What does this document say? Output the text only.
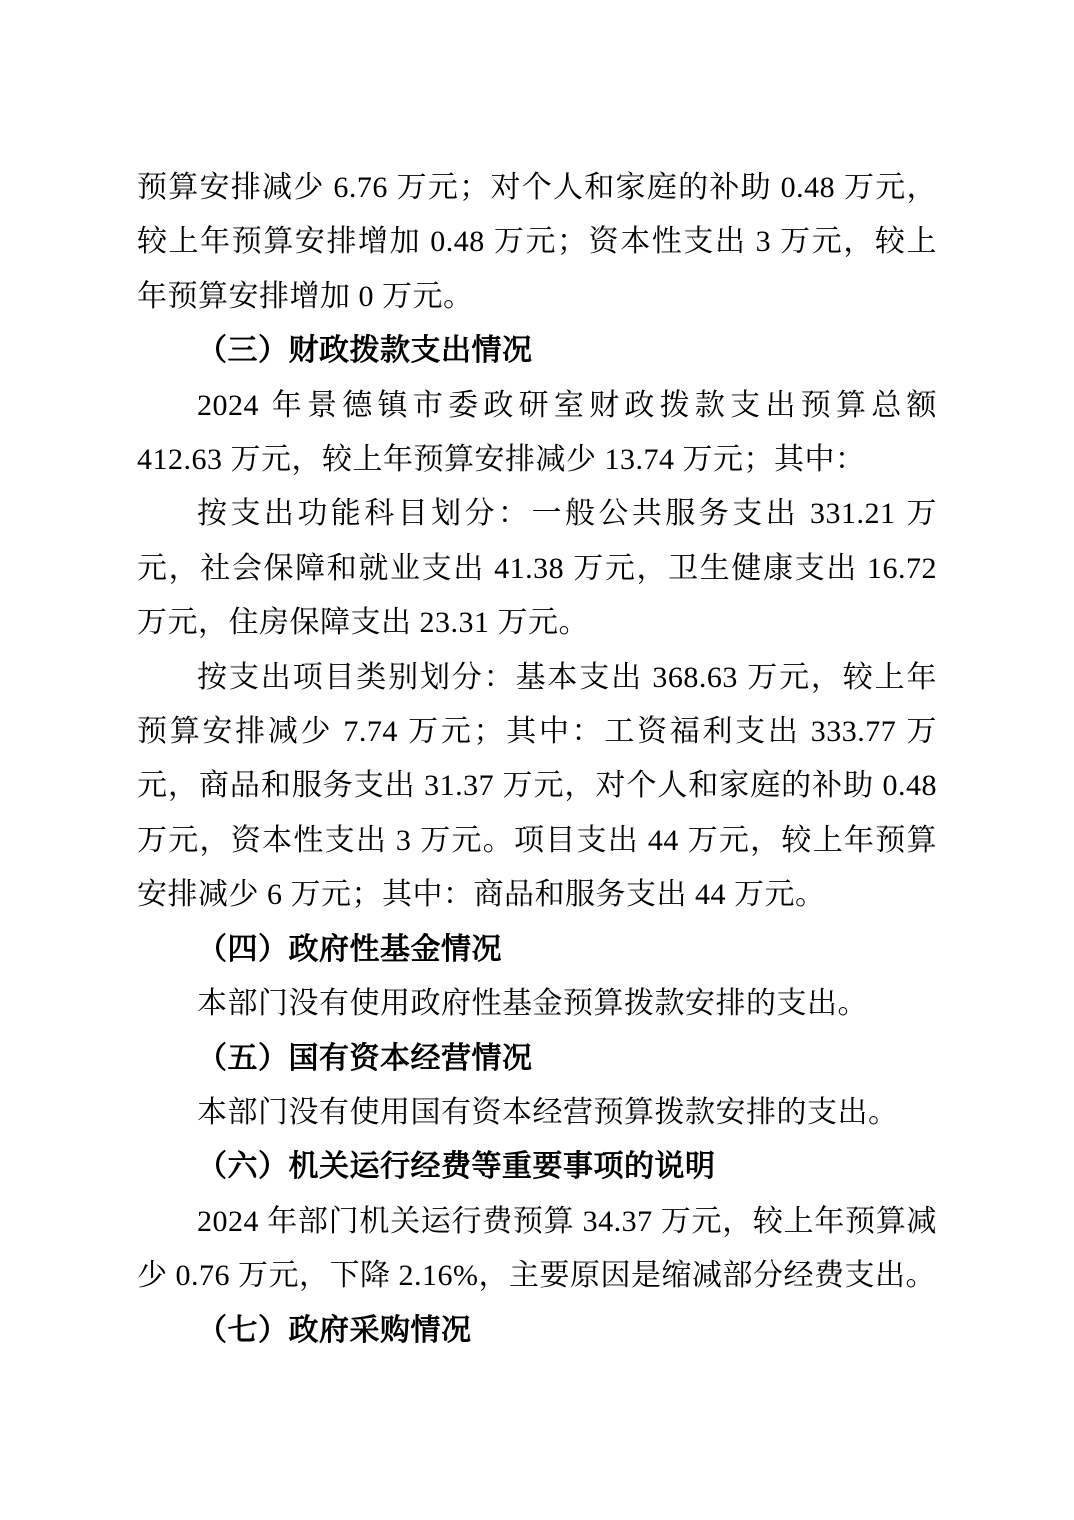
预算安排减少 6.76 万元；对个人和家庭的补助 0.48 万元，较上年预算安排增加 0.48 万元；资本性支出 3 万元，较上年预算安排增加 0 万元。

（三）财政拨款支出情况

2024 年景德镇市委政研室财政拨款支出预算总额 412.63 万元，较上年预算安排减少 13.74 万元；其中：

按支出功能科目划分：一般公共服务支出 331.21 万元，社会保障和就业支出 41.38 万元，卫生健康支出 16.72 万元，住房保障支出 23.31 万元。

按支出项目类别划分：基本支出 368.63 万元，较上年预算安排减少 7.74 万元；其中：工资福利支出 333.77 万元，商品和服务支出 31.37 万元，对个人和家庭的补助 0.48 万元，资本性支出 3 万元。项目支出 44 万元，较上年预算安排减少 6 万元；其中：商品和服务支出 44 万元。

（四）政府性基金情况

本部门没有使用政府性基金预算拨款安排的支出。

（五）国有资本经营情况

本部门没有使用国有资本经营预算拨款安排的支出。

（六）机关运行经费等重要事项的说明

2024 年部门机关运行费预算 34.37 万元，较上年预算减少 0.76 万元，下降 2.16%，主要原因是缩减部分经费支出。

（七）政府采购情况
